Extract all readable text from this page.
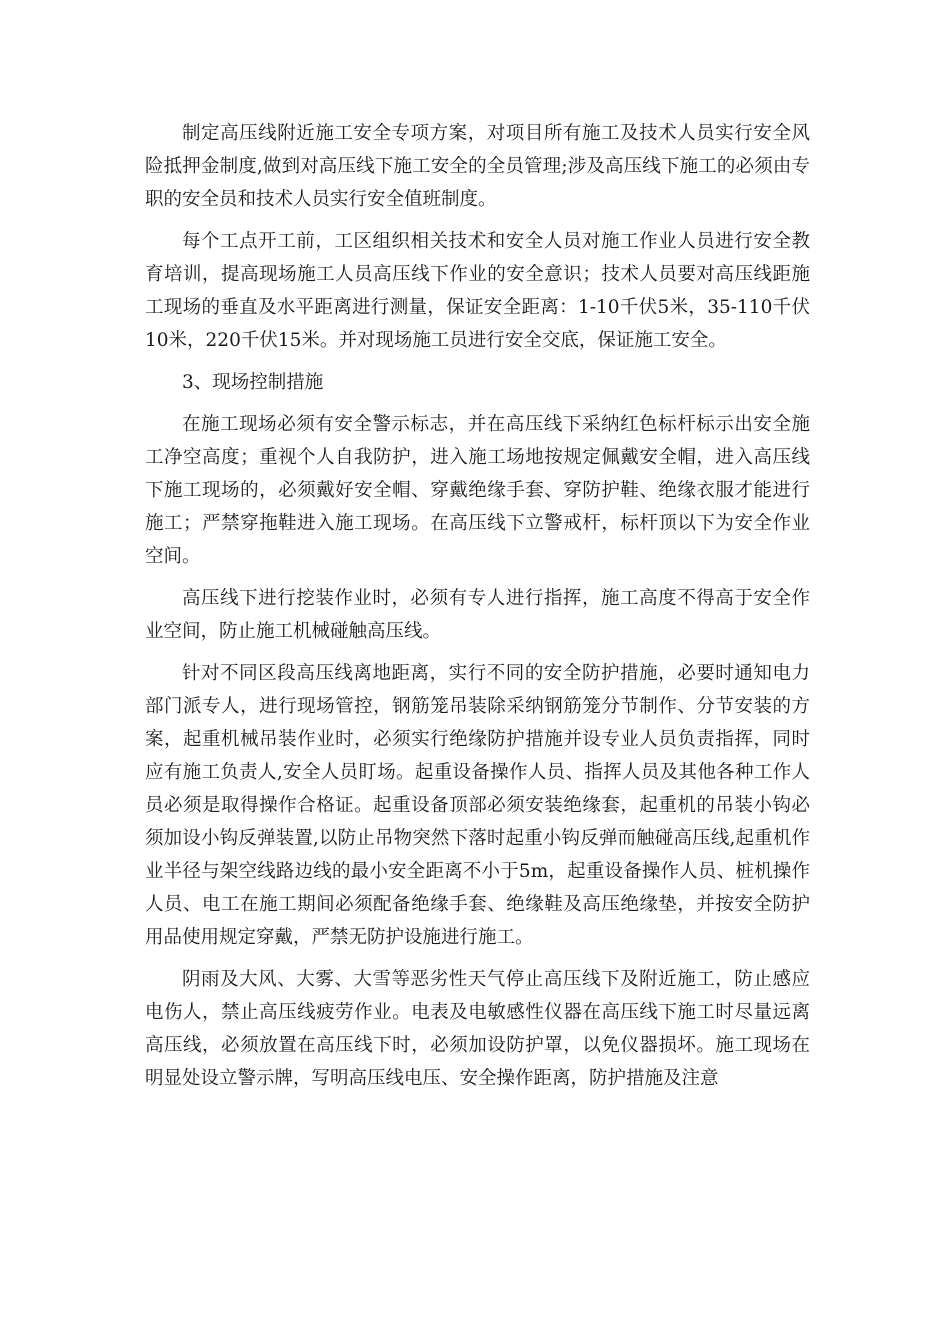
制定高压线附近施工安全专项方案，对项目所有施工及技术人员实行安全风险抵押金制度,做到对高压线下施工安全的全员管理;涉及高压线下施工的必须由专职的安全员和技术人员实行安全值班制度。

每个工点开工前，工区组织相关技术和安全人员对施工作业人员进行安全教育培训，提高现场施工人员高压线下作业的安全意识；技术人员要对高压线距施工现场的垂直及水平距离进行测量，保证安全距离：1-10千伏5米，35-110千伏10米，220千伏15米。并对现场施工员进行安全交底，保证施工安全。

3、现场控制措施

在施工现场必须有安全警示标志，并在高压线下采纳红色标杆标示出安全施工净空高度；重视个人自我防护，进入施工场地按规定佩戴安全帽，进入高压线下施工现场的，必须戴好安全帽、穿戴绝缘手套、穿防护鞋、绝缘衣服才能进行施工；严禁穿拖鞋进入施工现场。在高压线下立警戒杆，标杆顶以下为安全作业空间。

高压线下进行挖装作业时，必须有专人进行指挥，施工高度不得高于安全作业空间，防止施工机械碰触高压线。

针对不同区段高压线离地距离，实行不同的安全防护措施，必要时通知电力部门派专人，进行现场管控，钢筋笼吊装除采纳钢筋笼分节制作、分节安装的方案，起重机械吊装作业时，必须实行绝缘防护措施并设专业人员负责指挥，同时应有施工负责人,安全人员盯场。起重设备操作人员、指挥人员及其他各种工作人员必须是取得操作合格证。起重设备顶部必须安装绝缘套，起重机的吊装小钩必须加设小钩反弹装置,以防止吊物突然下落时起重小钩反弹而触碰高压线,起重机作业半径与架空线路边线的最小安全距离不小于5m，起重设备操作人员、桩机操作人员、电工在施工期间必须配备绝缘手套、绝缘鞋及高压绝缘垫，并按安全防护用品使用规定穿戴，严禁无防护设施进行施工。

阴雨及大风、大雾、大雪等恶劣性天气停止高压线下及附近施工，防止感应电伤人，禁止高压线疲劳作业。电表及电敏感性仪器在高压线下施工时尽量远离高压线，必须放置在高压线下时，必须加设防护罩，以免仪器损坏。施工现场在明显处设立警示牌，写明高压线电压、安全操作距离，防护措施及注意
